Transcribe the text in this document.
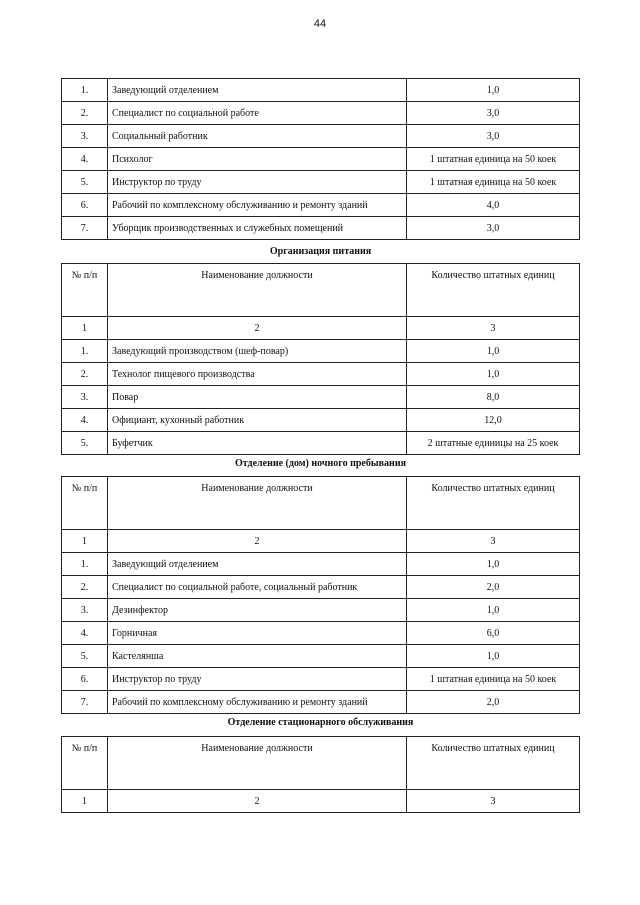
44
1.	Заведующий отделением	1,0
2.	Специалист по социальной работе	3,0
3.	Социальный работник	3,0
4.	Психолог	1 штатная единица на 50 коек
5.	Инструктор по труду	1 штатная единица на 50 коек
6.	Рабочий по комплексному обслуживанию и ремонту зданий	4,0
7.	Уборщик производственных и служебных помещений	3,0
Организация питания
№ п/п	Наименование должности	Количество штатных единиц
1	2	3
1.	Заведующий производством (шеф-повар)	1,0
2.	Технолог пищевого производства	1,0
3.	Повар	8,0
4.	Официант, кухонный работник	12,0
5.	Буфетчик	2 штатные единицы на 25 коек
Отделение (дом) ночного пребывания
№ п/п	Наименование должности	Количество штатных единиц
1	2	3
1.	Заведующий отделением	1,0
2.	Специалист по социальной работе, социальный работник	2,0
3.	Дезинфектор	1,0
4.	Горничная	6,0
5.	Кастелянша	1,0
6.	Инструктор по труду	1 штатная единица на 50 коек
7.	Рабочий по комплексному обслуживанию и ремонту зданий	2,0
Отделение стационарного обслуживания
№ п/п	Наименование должности	Количество штатных единиц
1	2	3
